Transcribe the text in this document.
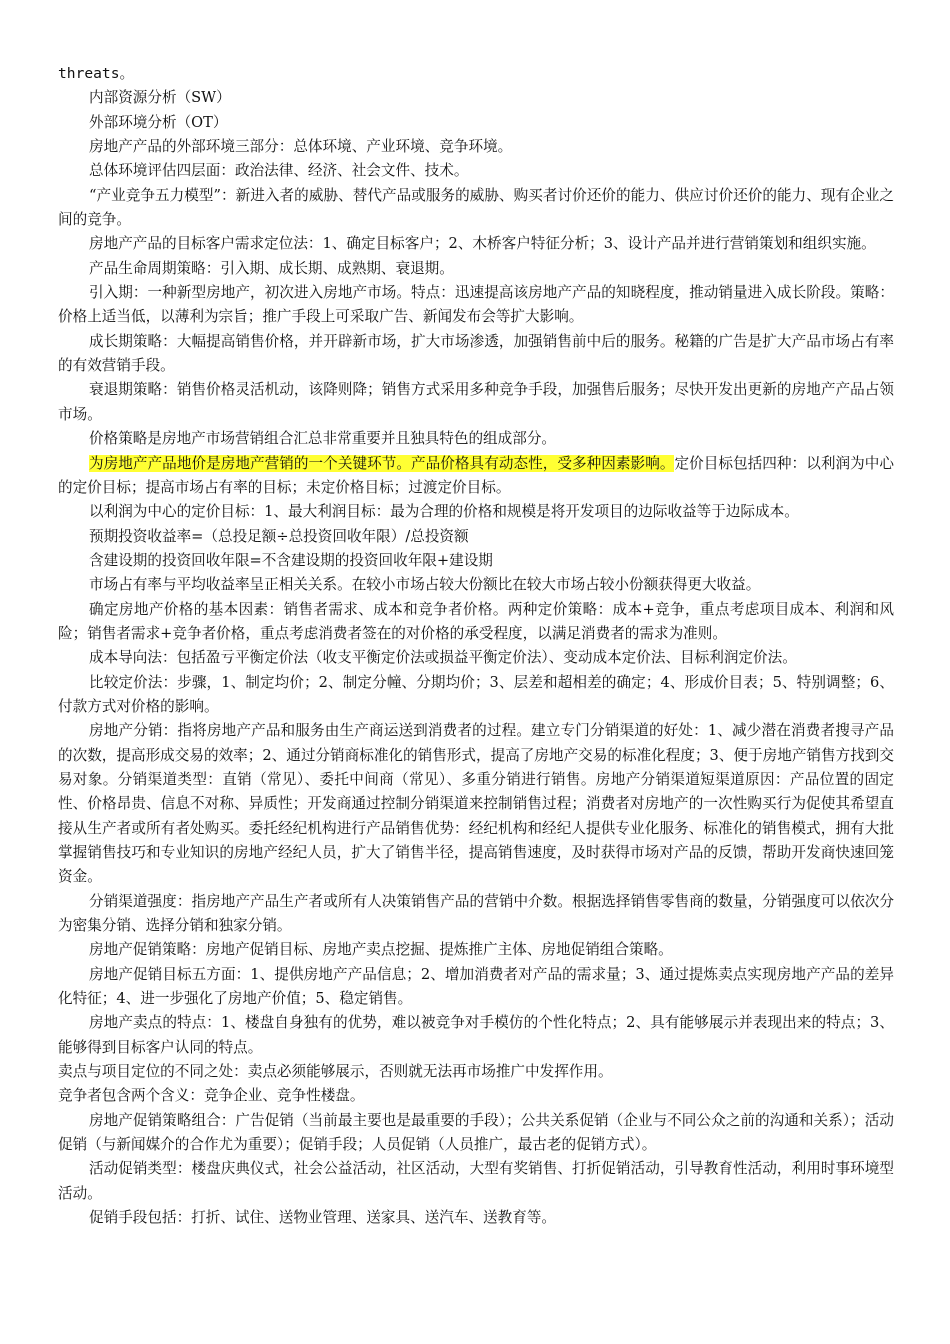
threats。

内部资源分析（SW）

外部环境分析（OT）

房地产产品的外部环境三部分：总体环境、产业环境、竞争环境。

总体环境评估四层面：政治法律、经济、社会文件、技术。

“产业竞争五力模型”：新进入者的威胁、替代产品或服务的威胁、购买者讨价还价的能力、供应讨价还价的能力、现有企业之间的竞争。

房地产产品的目标客户需求定位法：1、确定目标客户；2、木桥客户特征分析；3、设计产品并进行营销策划和组织实施。

产品生命周期策略：引入期、成长期、成熟期、衰退期。

引入期：一种新型房地产，初次进入房地产市场。特点：迅速提高该房地产产品的知晓程度，推动销量进入成长阶段。策略：价格上适当低，以薄利为宗旨；推广手段上可采取广告、新闻发布会等扩大影响。

成长期策略：大幅提高销售价格，并开辟新市场，扩大市场渗透，加强销售前中后的服务。秘籍的广告是扩大产品市场占有率的有效营销手段。

衰退期策略：销售价格灵活机动，该降则降；销售方式采用多种竞争手段，加强售后服务；尽快开发出更新的房地产产品占领市场。

价格策略是房地产市场营销组合汇总非常重要并且独具特色的组成部分。

为房地产产品地价是房地产营销的一个关键环节。产品价格具有动态性，受多种因素影响。定价目标包括四种：以利润为中心的定价目标；提高市场占有率的目标；未定价格目标；过渡定价目标。

以利润为中心的定价目标：1、最大利润目标：最为合理的价格和规模是将开发项目的边际收益等于边际成本。

预期投资收益率=（总投足额÷总投资回收年限）/总投资额

含建设期的投资回收年限=不含建设期的投资回收年限+建设期

市场占有率与平均收益率呈正相关关系。在较小市场占较大份额比在较大市场占较小份额获得更大收益。

确定房地产价格的基本因素：销售者需求、成本和竞争者价格。两种定价策略：成本+竞争，重点考虑项目成本、利润和风险；销售者需求+竞争者价格，重点考虑消费者签在的对价格的承受程度，以满足消费者的需求为准则。

成本导向法：包括盈亏平衡定价法（收支平衡定价法或损益平衡定价法）、变动成本定价法、目标利润定价法。

比较定价法：步骤，1、制定均价；2、制定分幢、分期均价；3、层差和超相差的确定；4、形成价目表；5、特别调整；6、付款方式对价格的影响。

房地产分销：指将房地产产品和服务由生产商运送到消费者的过程。建立专门分销渠道的好处：1、减少潜在消费者搜寻产品的次数，提高形成交易的效率；2、通过分销商标准化的销售形式，提高了房地产交易的标准化程度；3、便于房地产销售方找到交易对象。分销渠道类型：直销（常见）、委托中间商（常见）、多重分销进行销售。房地产分销渠道短渠道原因：产品位置的固定性、价格昂贵、信息不对称、异质性；开发商通过控制分销渠道来控制销售过程；消费者对房地产的一次性购买行为促使其希望直接从生产者或所有者处购买。委托经纪机构进行产品销售优势：经纪机构和经纪人提供专业化服务、标准化的销售模式，拥有大批掌握销售技巧和专业知识的房地产经纪人员，扩大了销售半径，提高销售速度，及时获得市场对产品的反馈，帮助开发商快速回笼资金。

分销渠道强度：指房地产产品生产者或所有人决策销售产品的营销中介数。根据选择销售零售商的数量，分销强度可以依次分为密集分销、选择分销和独家分销。

房地产促销策略：房地产促销目标、房地产卖点挖掘、提炼推广主体、房地促销组合策略。

房地产促销目标五方面：1、提供房地产产品信息；2、增加消费者对产品的需求量；3、通过提炼卖点实现房地产产品的差异化特征；4、进一步强化了房地产价值；5、稳定销售。

房地产卖点的特点：1、楼盘自身独有的优势，难以被竞争对手模仿的个性化特点；2、具有能够展示并表现出来的特点；3、能够得到目标客户认同的特点。

卖点与项目定位的不同之处：卖点必须能够展示，否则就无法再市场推广中发挥作用。

竞争者包含两个含义：竞争企业、竞争性楼盘。

房地产促销策略组合：广告促销（当前最主要也是最重要的手段）；公共关系促销（企业与不同公众之前的沟通和关系）；活动促销（与新闻媒介的合作尤为重要）；促销手段；人员促销（人员推广，最古老的促销方式）。

活动促销类型：楼盘庆典仪式，社会公益活动，社区活动，大型有奖销售、打折促销活动，引导教育性活动，利用时事环境型活动。

促销手段包括：打折、试住、送物业管理、送家具、送汽车、送教育等。
